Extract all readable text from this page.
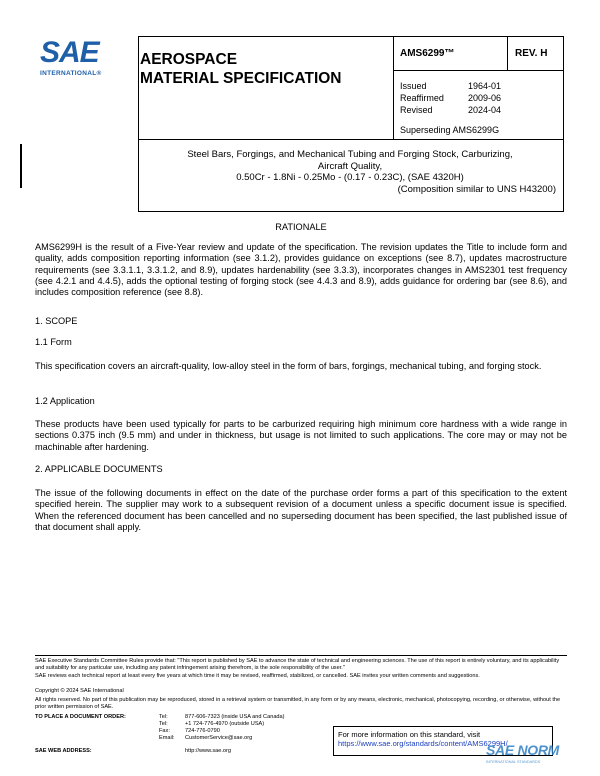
SAE
INTERNATIONAL®
AEROSPACE
MATERIAL SPECIFICATION
AMS6299™	REV. H
Issued	1964-01
Reaffirmed	2009-06
Revised	2024-04
Superseding AMS6299G
Steel Bars, Forgings, and Mechanical Tubing and Forging Stock, Carburizing,
Aircraft Quality,
0.50Cr - 1.8Ni - 0.25Mo - (0.17 - 0.23C), (SAE 4320H)
(Composition similar to UNS H43200)
RATIONALE
AMS6299H is the result of a Five-Year review and update of the specification. The revision updates the Title to include form and quality, adds composition reporting information (see 3.1.2), provides guidance on exceptions (see 8.7), updates macrostructure requirements (see 3.3.1.1, 3.3.1.2, and 8.9), updates hardenability (see 3.3.3), incorporates changes in AMS2301 test frequency (see 4.2.1 and 4.4.5), adds the optional testing of forging stock (see 4.4.3 and 8.9), adds guidance for ordering bar (see 8.6), and includes composition reference (see 8.8).
1. SCOPE
1.1 Form
This specification covers an aircraft-quality, low-alloy steel in the form of bars, forgings, mechanical tubing, and forging stock.
1.2 Application
These products have been used typically for parts to be carburized requiring high minimum core hardness with a wide range in sections 0.375 inch (9.5 mm) and under in thickness, but usage is not limited to such applications. The core may or may not be machinable after hardening.
2. APPLICABLE DOCUMENTS
The issue of the following documents in effect on the date of the purchase order forms a part of this specification to the extent specified herein. The supplier may work to a subsequent revision of a document unless a specific document issue is specified. When the referenced document has been cancelled and no superseding document has been specified, the last published issue of that document shall apply.
SAE Executive Standards Committee Rules provide that: "This report is published by SAE to advance the state of technical and engineering sciences. The use of this report is entirely voluntary, and its applicability and suitability for any particular use, including any patent infringement arising therefrom, is the sole responsibility of the user."
SAE reviews each technical report at least every five years at which time it may be revised, reaffirmed, stabilized, or cancelled. SAE invites your written comments and suggestions.
Copyright © 2024 SAE International
All rights reserved. No part of this publication may be reproduced, stored in a retrieval system or transmitted, in any form or by any means, electronic, mechanical, photocopying, recording, or otherwise, without the prior written permission of SAE.
TO PLACE A DOCUMENT ORDER:	Tel:	877-606-7323 (inside USA and Canada)
	Tel:	+1 724-776-4970 (outside USA)
	Fax:	724-776-0790
	Email:	CustomerService@sae.org
SAE WEB ADDRESS:		http://www.sae.org
For more information on this standard, visit
https://www.sae.org/standards/content/AMS6299H/
SAE NORM
INTERNATIONAL STANDARDS
